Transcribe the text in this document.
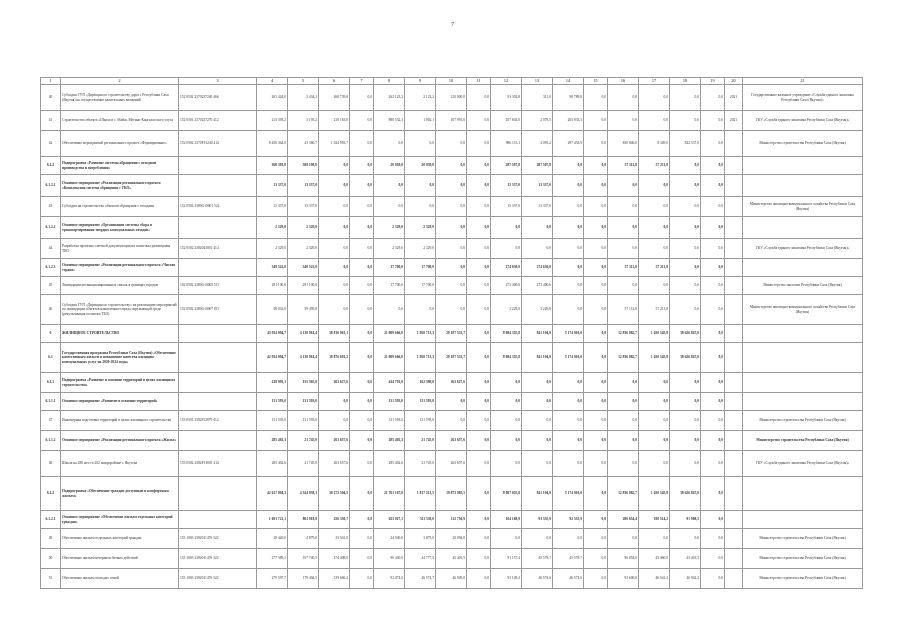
7
1	2	3	4	5	6	7	8	9	10	11	12	13	14	15	16	17	18	19	20	21
40	Субсидия ГУП «Дирекция по строительству дорог» Республики Саха (Якутия) на осуществление капитальных вложений	152 0502 2370237240 466	263 424,0	2 434,2	260 739,8	0,0	262 123,2	2 123,2	210 000,0	0,0	93 302,8	311,0	90 789,8	0,0	0,0	0,0	0,0	0,0	2021	Государственное казенное учреждение «Служба единого заказчика Республики Саха (Якутия)»
41	Строительство объекта «Школа в с. Майя» Мегино-Кангаласского улуса	152 0501 2370237270 412	213 393,2	3 193,2	210 163,0	0,0	880 532,3	1 002,1	107 991,0	0,0	207 602,0	2 078,5	205 933,3	0,0	0,0	0,0	0,0	0,0	2021	ГКУ «Служба единого заказчика Республики Саха (Якутия)»
42	Обеспечение мероприятий регионального проекта «Формирование»	152 0502 2370F13240 414	8 456 364,0	43 360,7	1 024 993,7	0,0	0,0	0,0	0,0	0,0	986 113,1	4 091,2	297 433,9	0,0	830 846,0	8 349,0	822 537,0	0,0		Министерство строительства Республики Саха (Якутия)
6.1.2	Подпрограмма «Развитие системы обращения с отходами производства и потребления»		368 393,0	309 108,8	0,0	0,0	20 039,0	20 039,0	0,0	0,0	287 507,8	287 507,8	0,0	0,0	57 112,8	57 211,8	0,0	0,0		
6.1.2.1	Основное мероприятие «Реализация регионального проекта «Комплексная система обращения с ТКО»		13 337,0	13 337,0	0,0	0,0	0,0	0,0	0,0	0,0	13 337,0	13 337,0	0,0	0,0	0,0	0,0	0,0	0,0		
43	Субсидия на строительство объектов обращения с отходами	152 0502 2380G10001 522	13 337,0	13 337,0	0,0	0,0	0,0	0,0	0,0	0,0	13 337,0	13 337,0	0,0	0,0	0,0	0,0	0,0	0,0		Министерство жилищно-коммунального хозяйства Республики Саха (Якутия)
6.1.2.2	Основное мероприятие «Организация системы сбора и транспортирования твердых коммунальных отходов»		2 329,0	2 329,0	0,0	0,0	2 329,0	2 329,0	0,0	0,0	0,0	0,0	0,0	0,0	0,0	0,0	0,0	0,0		
44	Разработка проектно-сметной документации на полигоны размещения ТКО	152 0502 2382043001 414	2 329,0	2 329,0	0,0	0,0	2 329,0	2 329,0	0,0	0,0	0,0	0,0	0,0	0,0	0,0	0,0	0,0	0,0		ГКУ «Служба единого заказчика Республики Саха (Якутия)»
6.1.2.3	Основное мероприятие «Реализация регионального проекта «Чистая страна»		349 522,0	349 522,0	0,0	0,0	17 700,0	17 700,0	0,0	0,0	274 630,0	274 630,0	0,0	0,0	57 112,8	57 211,8	0,0	0,0		
45	Ликвидация несанкционированных свалок в границах городов	162 0502 2380G10005 511	291 100,6	291 100,6	0,0	0,0	17 700,0	17 700,0	0,0	0,0	273 400,6	273 400,6	0,0	0,0	0,0	0,0	0,0	0,0		Министерство экологии Республики Саха (Якутия)
46	Субсидия ГУП «Дирекция по строительству» на реализацию мероприятий по ликвидации объектов накопленного вреда окружающей среде (рекультивация полигона ТБО)	152 0502 2380G10007 811	48 032,0	59 459,8	0,0	0,0	0,0	0,0	0,0	0,0	3 229,0	3 229,0	0,0	0,0	57 112,8	57 211,8	0,0	0,0		Министерство жилищно-коммунального хозяйства Республики Саха (Якутия)
6	ЖИЛИЩНОЕ СТРОИТЕЛЬСТВО		43 034 094,7	4 138 961,4	38 816 961,1	0,0	21 809 666,0	1 950 713,3	20 187 553,7	0,0	8 084 355,8	841 104,9	5 174 001,0	0,0	12 836 082,7	1 450 345,8	38 626 847,6	0,0		
6.1	Государственная программа Республики Саха (Якутия) «Обеспечение качественным жильем и повышение качества жилищно-коммунальных услуг на 2020-2024 годы»		42 034 094,7	4 138 961,4	38 876 691,2	0,0	21 809 666,0	1 950 713,3	20 187 553,7	0,0	8 084 355,8	841 104,9	5 174 001,0	0,0	12 836 082,7	1 450 345,8	38 626 847,6	0,0		
6.1.1	Подпрограмма «Развитие и освоение территорий в целях жилищного строительства»		418 993,1	155 365,0	263 627,6	0,0	434 791,0	162 388,0	263 627,6	0,0	0,0	0,0	0,0	0,0	0,0	0,0	0,0	0,0		
6.1.1.1	Основное мероприятие «Развитие и освоение территорий»		131 593,0	131 593,0	0,0	0,0	131 593,0	131 593,0	0,0	0,0	0,0	0,0	0,0	0,0	0,0	0,0	0,0	0,0		
47	Инженерная подготовка территорий в целях жилищного строительства	153 0501 2382813879 412	131 593,0	131 593,0	0,0	0,0	131 593,0	131 593,0	0,0	0,0	0,0	0,0	0,0	0,0	0,0	0,0	0,0	0,0		Министерство строительства Республики Саха (Якутия)
6.1.1.2	Основное мероприятие «Реализация регионального проекта «Жилье»		285 402,3	21 745,0	263 657,6	0,0	285 402,3	21 745,0	263 657,6	0,0	0,0	0,0	0,0	0,0	0,0	0,0	0,0	0,0		Министерство строительства Республики Саха (Якутия)
48	Школа на 280 мест в 202 микрорайоне г. Якутска	153 0502 2382F13001 414	285 402,6	21 745,0	263 657,6	0,0	285 402,6	21 745,0	263 657,6	0,0	0,0	0,0	0,0	0,0	0,0	0,0	0,0	0,0		ГКУ «Служба единого заказчика Республики Саха (Якутия)»
6.1.2	Подпрограмма «Обеспечение граждан доступным и комфортным жильем»		42 617 094,3	4 344 938,3	38 272 504,5	0,0	21 761 167,0	1 817 213,5	19 873 005,5	0,0	8 087 055,8	841 104,9	5 174 001,0	0,0	12 836 082,7	1 450 345,8	38 626 847,6	0,0		
6.1.2.1	Основное мероприятие «Обеспечение жильем отдельных категорий граждан»		1 691 721,1	861 918,8	256 330,7	0,0	623 027,1	511 338,0	112 756,9	0,0	104 168,9	93 555,9	92 535,9	0,0	286 654,4	190 514,2	91 908,5	0,0		
49	Обеспечение жильем отдельных категорий граждан	153 1003 2382011476 322	28 420,0	4 879,0	23 541,0	0,0	24 540,0	3 875,0	20 094,0	0,0	0,0	0,0	0,0	0,0	0,0	0,0	0,0	0,0		Министерство строительства Республики Саха (Якутия)
50	Обеспечение жильем ветеранов боевых действий	153 1003 2382011476 322	277 389,3	197 740,5	174 408,0	0,0	90 430,0	44 777,5	45 401,5	0,0	91 157,4	45 578,7	45 578,7	0,0	96 854,0	45 460,0	45 401,5	0,0		Министерство строительства Республики Саха (Якутия)
51	Обеспечение жильем молодых семей	153 1003 2382011476 322	279 597,7	179 404,5	139 666,2	0,0	92 074,0	46 574,7	46 949,0	0,0	93 149,2	46 574,6	46 574,6	0,0	93 600,0	46 541,3	46 942,2	0,0		Министерство строительства Республики Саха (Якутия)
